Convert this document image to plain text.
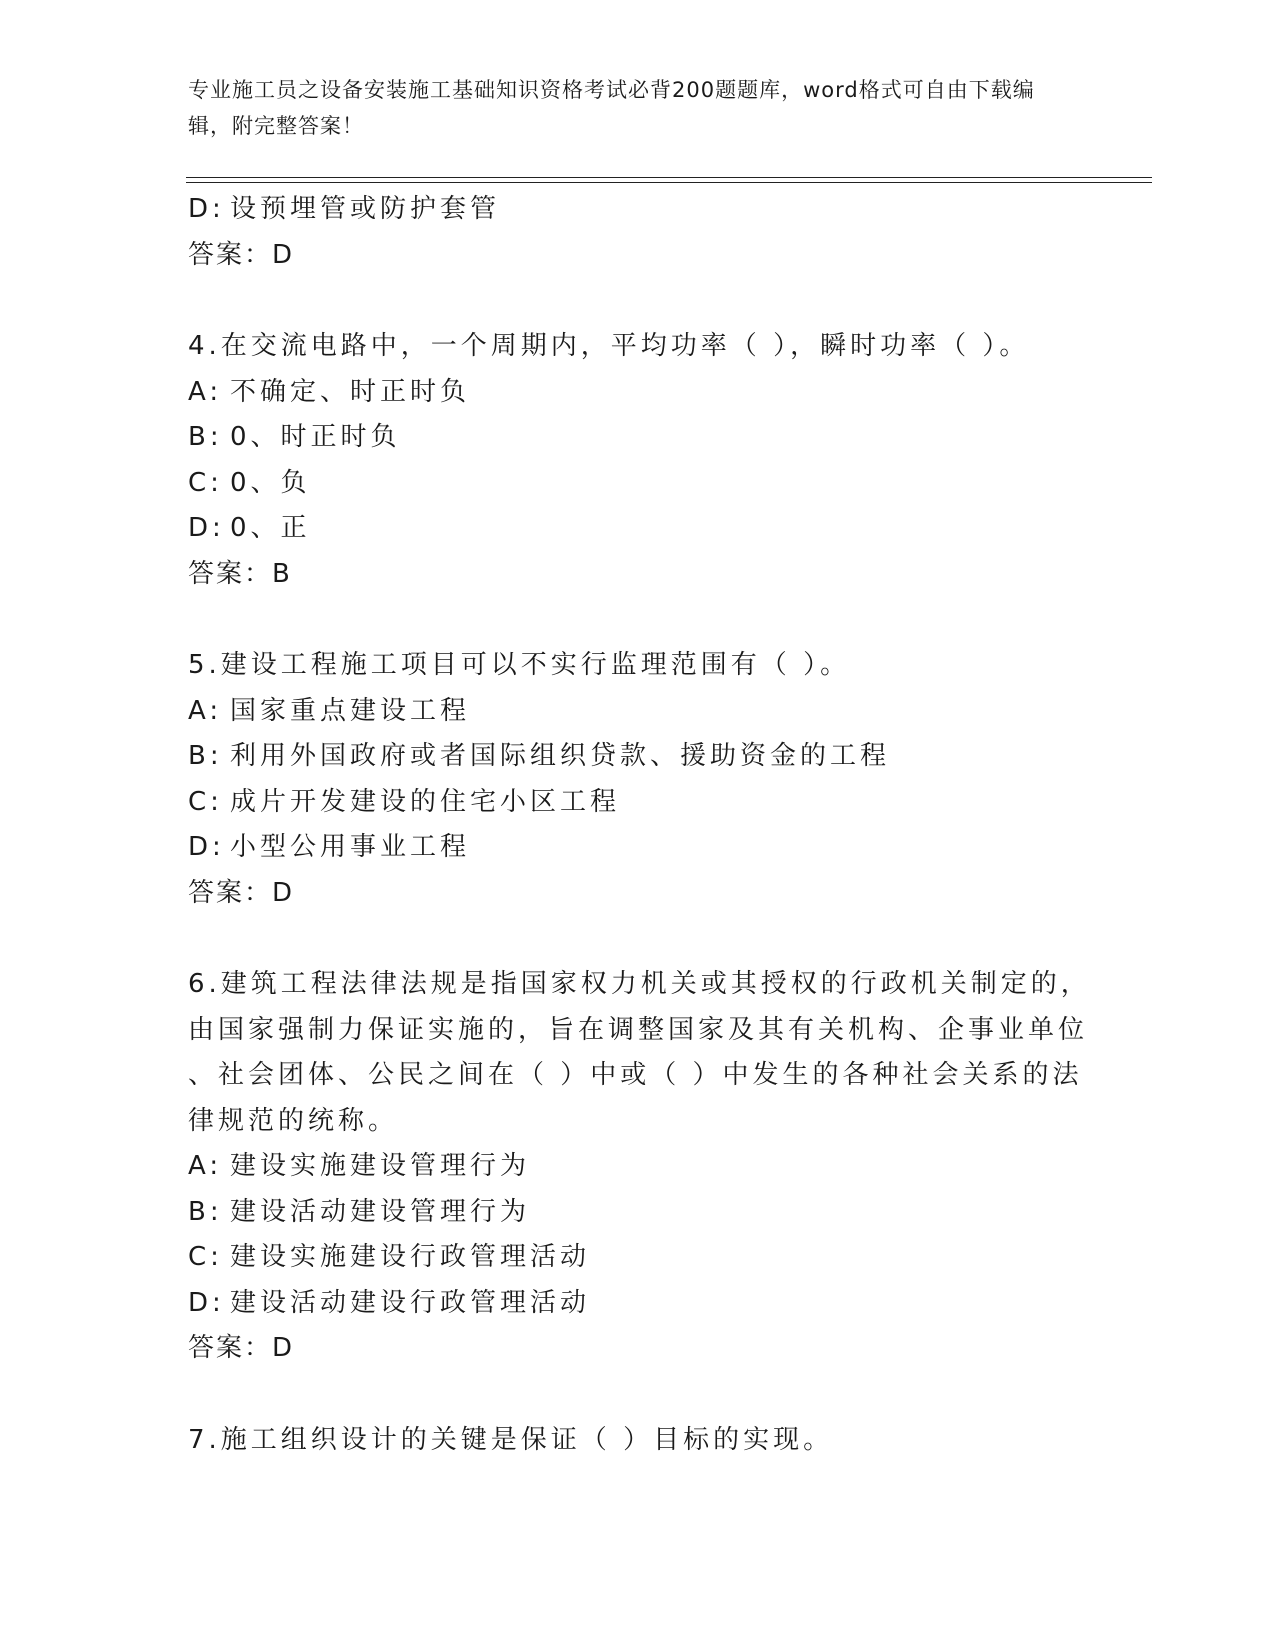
专业施工员之设备安装施工基础知识资格考试必背200题题库，word格式可自由下载编辑，附完整答案！
D: 设预埋管或防护套管
答案：D
4.在交流电路中，一个周期内，平均功率（ ），瞬时功率（ ）。
A: 不确定、时正时负
B: 0、时正时负
C: 0、负
D: 0、正
答案：B
5.建设工程施工项目可以不实行监理范围有（ ）。
A: 国家重点建设工程
B: 利用外国政府或者国际组织贷款、援助资金的工程
C: 成片开发建设的住宅小区工程
D: 小型公用事业工程
答案：D
6.建筑工程法律法规是指国家权力机关或其授权的行政机关制定的，
由国家强制力保证实施的，旨在调整国家及其有关机构、企事业单位
、社会团体、公民之间在（ ）中或（ ）中发生的各种社会关系的法
律规范的统称。
A: 建设实施建设管理行为
B: 建设活动建设管理行为
C: 建设实施建设行政管理活动
D: 建设活动建设行政管理活动
答案：D
7.施工组织设计的关键是保证（ ）目标的实现。
